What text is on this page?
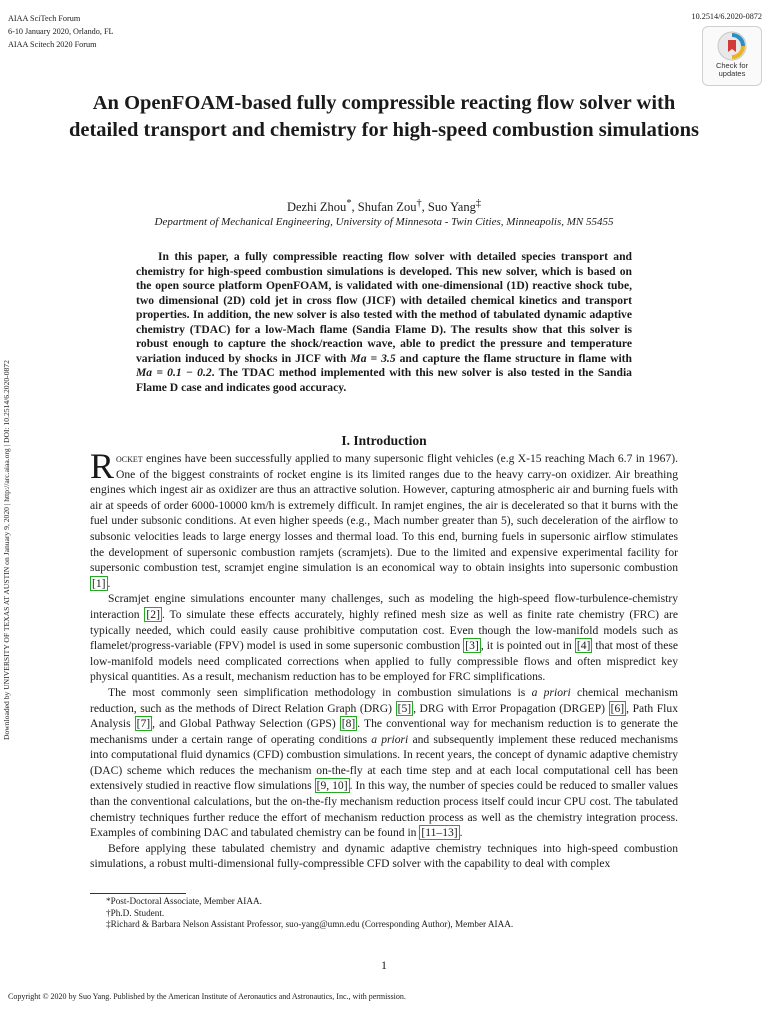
AIAA SciTech Forum
6-10 January 2020, Orlando, FL
AIAA Scitech 2020 Forum
10.2514/6.2020-0872
Check for
updates
Downloaded by UNIVERSITY OF TEXAS AT AUSTIN on January 9, 2020 | http://arc.aiaa.org | DOI: 10.2514/6.2020-0872
An OpenFOAM-based fully compressible reacting flow solver with detailed transport and chemistry for high-speed combustion simulations
Dezhi Zhou*, Shufan Zou†, Suo Yang‡
Department of Mechanical Engineering, University of Minnesota - Twin Cities, Minneapolis, MN 55455
In this paper, a fully compressible reacting flow solver with detailed species transport and chemistry for high-speed combustion simulations is developed. This new solver, which is based on the open source platform OpenFOAM, is validated with one-dimensional (1D) reactive shock tube, two dimensional (2D) cold jet in cross flow (JICF) with detailed chemical kinetics and transport properties. In addition, the new solver is also tested with the method of tabulated dynamic adaptive chemistry (TDAC) for a low-Mach flame (Sandia Flame D). The results show that this solver is robust enough to capture the shock/reaction wave, able to predict the pressure and temperature variation induced by shocks in JICF with Ma = 3.5 and capture the flame structure in flame with Ma = 0.1 − 0.2. The TDAC method implemented with this new solver is also tested in the Sandia Flame D case and indicates good accuracy.
I. Introduction

Rocket engines have been successfully applied to many supersonic flight vehicles (e.g X-15 reaching Mach 6.7 in 1967). One of the biggest constraints of rocket engine is its limited ranges due to the heavy carry-on oxidizer. Air breathing engines which ingest air as oxidizer are thus an attractive solution. However, capturing atmospheric air and burning fuels with air at speeds of order 6000-10000 km/h is extremely difficult. In ramjet engines, the air is decelerated so that it burns with the fuel under subsonic conditions. At even higher speeds (e.g., Mach number greater than 5), such deceleration of the airflow to subsonic velocities leads to large energy losses and thermal load. To this end, burning fuels in supersonic airflow stimulates the development of supersonic combustion ramjets (scramjets). Due to the limited and expensive experimental facility for supersonic combustion test, scramjet engine simulation is an economical way to obtain insights into supersonic combustion [1] .

Scramjet engine simulations encounter many challenges, such as modeling the high-speed flow-turbulence-chemistry interaction [2] . To simulate these effects accurately, highly refined mesh size as well as finite rate chemistry (FRC) are typically needed, which could easily cause prohibitive computation cost. Even though the low-manifold models such as flamelet/progress-variable (FPV) model is used in some supersonic combustion [3] , it is pointed out in [4] that most of these low-manifold models need complicated corrections when applied to fully compressible flows and often mispredict key physical quantities. As a result, mechanism reduction has to be employed for FRC simplifications.

The most commonly seen simplification methodology in combustion simulations is a priori chemical mechanism reduction, such as the methods of Direct Relation Graph (DRG) [5] , DRG with Error Propagation (DRGEP) [6] , Path Flux Analysis [7] , and Global Pathway Selection (GPS) [8] . The conventional way for mechanism reduction is to generate the mechanisms under a certain range of operating conditions a priori and subsequently implement these reduced mechanisms into computational fluid dynamics (CFD) combustion simulations. In recent years, the concept of dynamic adaptive chemistry (DAC) scheme which reduces the mechanism on-the-fly at each time step and at each local computational cell has been extensively studied in reactive flow simulations [9, 10] . In this way, the number of species could be reduced to smaller values than the conventional calculations, but the on-the-fly mechanism reduction process itself could incur CPU cost. The tabulated chemistry techniques further reduce the effort of mechanism reduction process as well as the chemistry integration process. Examples of combining DAC and tabulated chemistry can be found in [11–13] .

Before applying these tabulated chemistry and dynamic adaptive chemistry techniques into high-speed combustion simulations, a robust multi-dimensional fully-compressible CFD solver with the capability to deal with complex

*Post-Doctoral Associate, Member AIAA.
†Ph.D. Student.
‡Richard & Barbara Nelson Assistant Professor, suo-yang@umn.edu (Corresponding Author), Member AIAA.
1
Copyright © 2020 by Suo Yang. Published by the American Institute of Aeronautics and Astronautics, Inc., with permission.
